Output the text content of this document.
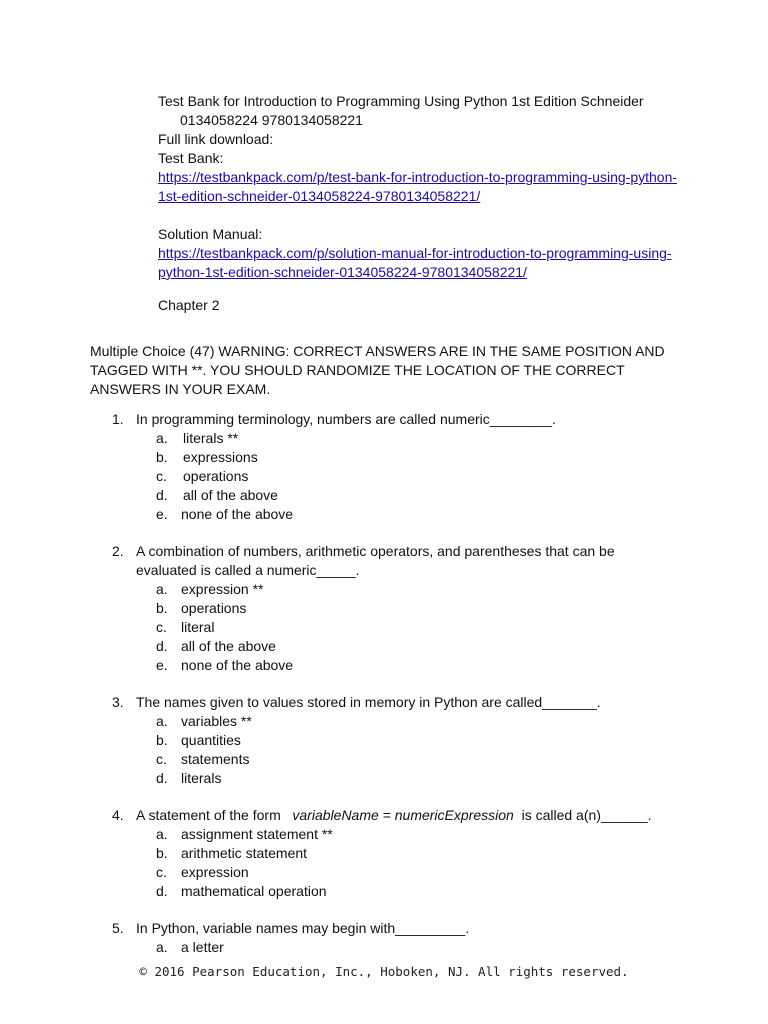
Test Bank for Introduction to Programming Using Python 1st Edition Schneider
0134058224 9780134058221
Full link download:
Test Bank:
https://testbankpack.com/p/test-bank-for-introduction-to-programming-using-python-
1st-edition-schneider-0134058224-9780134058221/

Solution Manual:
https://testbankpack.com/p/solution-manual-for-introduction-to-programming-using-
python-1st-edition-schneider-0134058224-9780134058221/
Chapter 2
Multiple Choice (47) WARNING: CORRECT ANSWERS ARE IN THE SAME POSITION AND
TAGGED WITH **. YOU SHOULD RANDOMIZE THE LOCATION OF THE CORRECT
ANSWERS IN YOUR EXAM.
1. In programming terminology, numbers are called numeric________.
a. literals **
b. expressions
c. operations
d. all of the above
e. none of the above
2. A combination of numbers, arithmetic operators, and parentheses that can be
evaluated is called a numeric_____.
a. expression **
b. operations
c. literal
d. all of the above
e. none of the above
3. The names given to values stored in memory in Python are called_______.
a. variables **
b. quantities
c. statements
d. literals
4. A statement of the form variableName = numericExpression is called a(n)______.
a. assignment statement **
b. arithmetic statement
c. expression
d. mathematical operation
5. In Python, variable names may begin with_________.
a. a letter
© 2016 Pearson Education, Inc., Hoboken, NJ. All rights reserved.
